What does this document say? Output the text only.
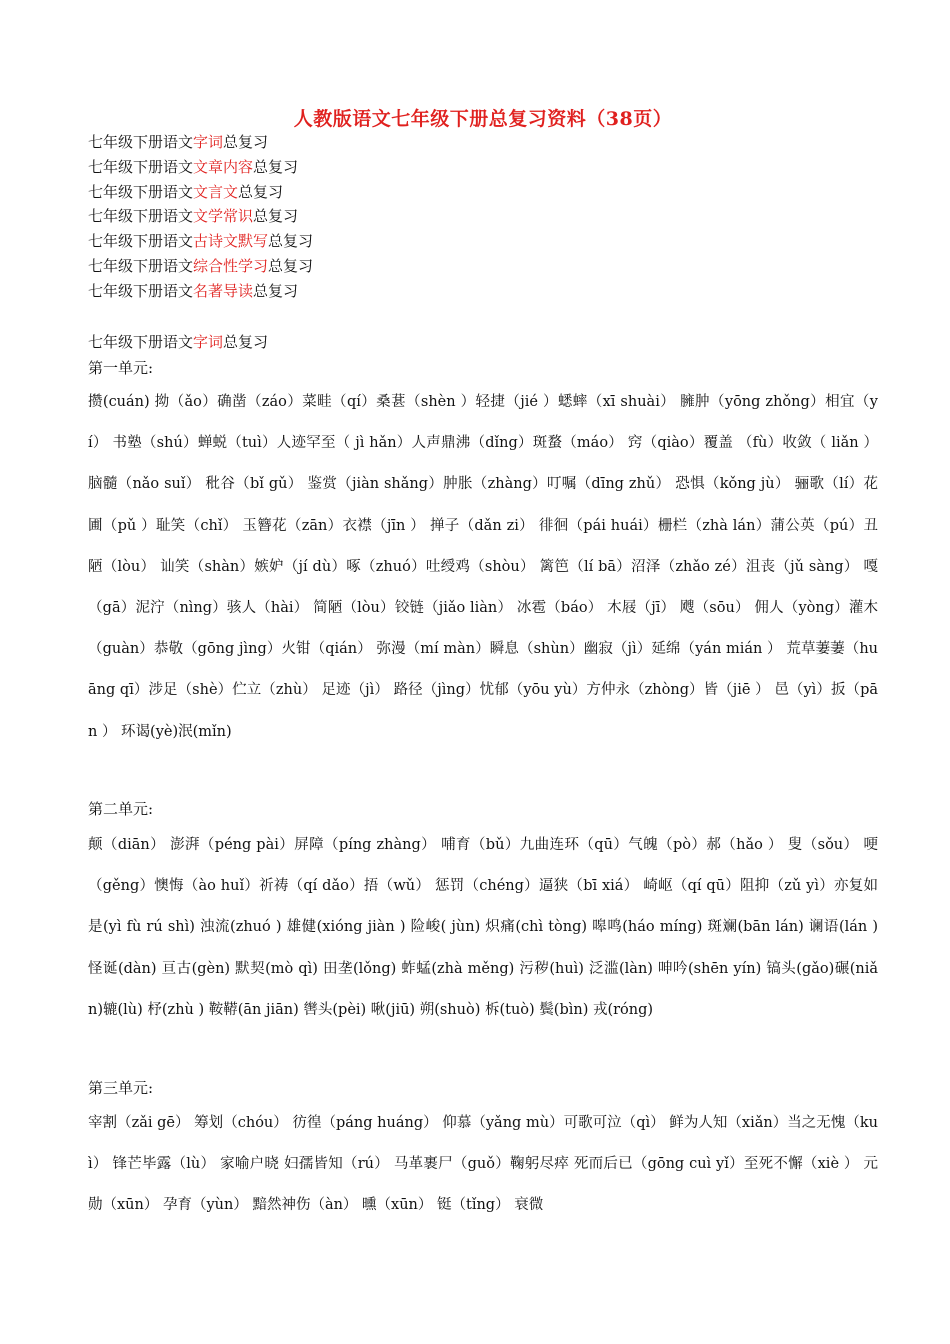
人教版语文七年级下册总复习资料（38页）
七年级下册语文字词总复习
七年级下册语文文章内容总复习
七年级下册语文文言文总复习
七年级下册语文文学常识总复习
七年级下册语文古诗文默写总复习
七年级下册语文综合性学习总复习
七年级下册语文名著导读总复习
七年级下册语文字词总复习
第一单元:

攒(cuán) 拗（ǎo）确凿（záo）菜畦（qí）桑葚（shèn ）轻捷（jié ）蟋蟀（xī shuài） 臃肿（yōng zhǒng）相宜（yí） 书塾（shú）蝉蜕（tuì）人迹罕至（ jì hǎn）人声鼎沸（dǐng）斑蝥（máo） 窍（qiào）覆盖 （fù）收敛（ liǎn ） 脑髓（nǎo suǐ） 秕谷（bǐ gǔ） 鉴赏（jiàn shǎng）肿胀（zhàng）叮嘱（dīng zhǔ） 恐惧（kǒng jù） 骊歌（lí）花圃（pǔ ）耻笑（chǐ） 玉簪花（zān）衣襟（jīn ） 掸子（dǎn zi） 徘徊（pái huái）栅栏（zhà lán）蒲公英（pú）丑陋（lòu） 讪笑（shàn）嫉妒（jí dù）啄（zhuó）吐绶鸡（shòu） 篱笆（lí bā）沼泽（zhǎo zé）沮丧（jǔ sàng） 嘎（gā）泥泞（nìng）骇人（hài） 简陋（lòu）铰链（jiǎo liàn） 冰雹（báo） 木屐（jī） 飕（sōu） 佣人（yòng）灌木（guàn）恭敬（gōng jìng）火钳（qián） 弥漫（mí màn）瞬息（shùn）幽寂（jì）延绵（yán mián ） 荒草萋萋（huāng qī）涉足（shè）伫立（zhù） 足迹（jì） 路径（jìng）忧郁（yōu yù）方仲永（zhòng）皆（jiē ） 邑（yì）扳（pān ） 环谒(yè)泯(mǐn)

第二单元:

颠（diān） 澎湃（péng pài）屏障（píng zhàng） 哺育（bǔ）九曲连环（qū）气魄（pò）郝（hǎo ） 叟（sǒu） 哽（gěng）懊悔（ào huǐ）祈祷（qí dǎo）捂（wǔ） 惩罚（chéng）逼狭（bī xiá） 崎岖（qí qū）阻抑（zǔ yì）亦复如是(yì fù rú shì) 浊流(zhuó ) 雄健(xióng jiàn ) 险峻( jùn) 炽痛(chì tòng) 嗥鸣(háo míng) 斑斓(bān lán) 谰语(lán ) 怪诞(dàn) 亘古(gèn) 默契(mò qì) 田垄(lǒng) 蚱蜢(zhà měng) 污秽(huì) 泛滥(làn) 呻吟(shēn yín) 镐头(gǎo)碾(niǎn)辘(lù) 杼(zhù ) 鞍鞯(ān jiān) 辔头(pèi) 啾(jiū) 朔(shuò) 柝(tuò) 鬓(bìn) 戎(róng)

第三单元:

宰割（zǎi gē） 筹划（chóu） 彷徨（páng huáng） 仰慕（yǎng mù）可歌可泣（qì） 鲜为人知（xiǎn）当之无愧（kuì） 锋芒毕露（lù） 家喻户晓 妇孺皆知（rú） 马革裹尸（guǒ）鞠躬尽瘁 死而后已（gōng cuì yǐ）至死不懈（xiè ） 元勋（xūn） 孕育（yùn） 黯然神伤（àn） 曛（xūn） 铤（tǐng） 衰微
